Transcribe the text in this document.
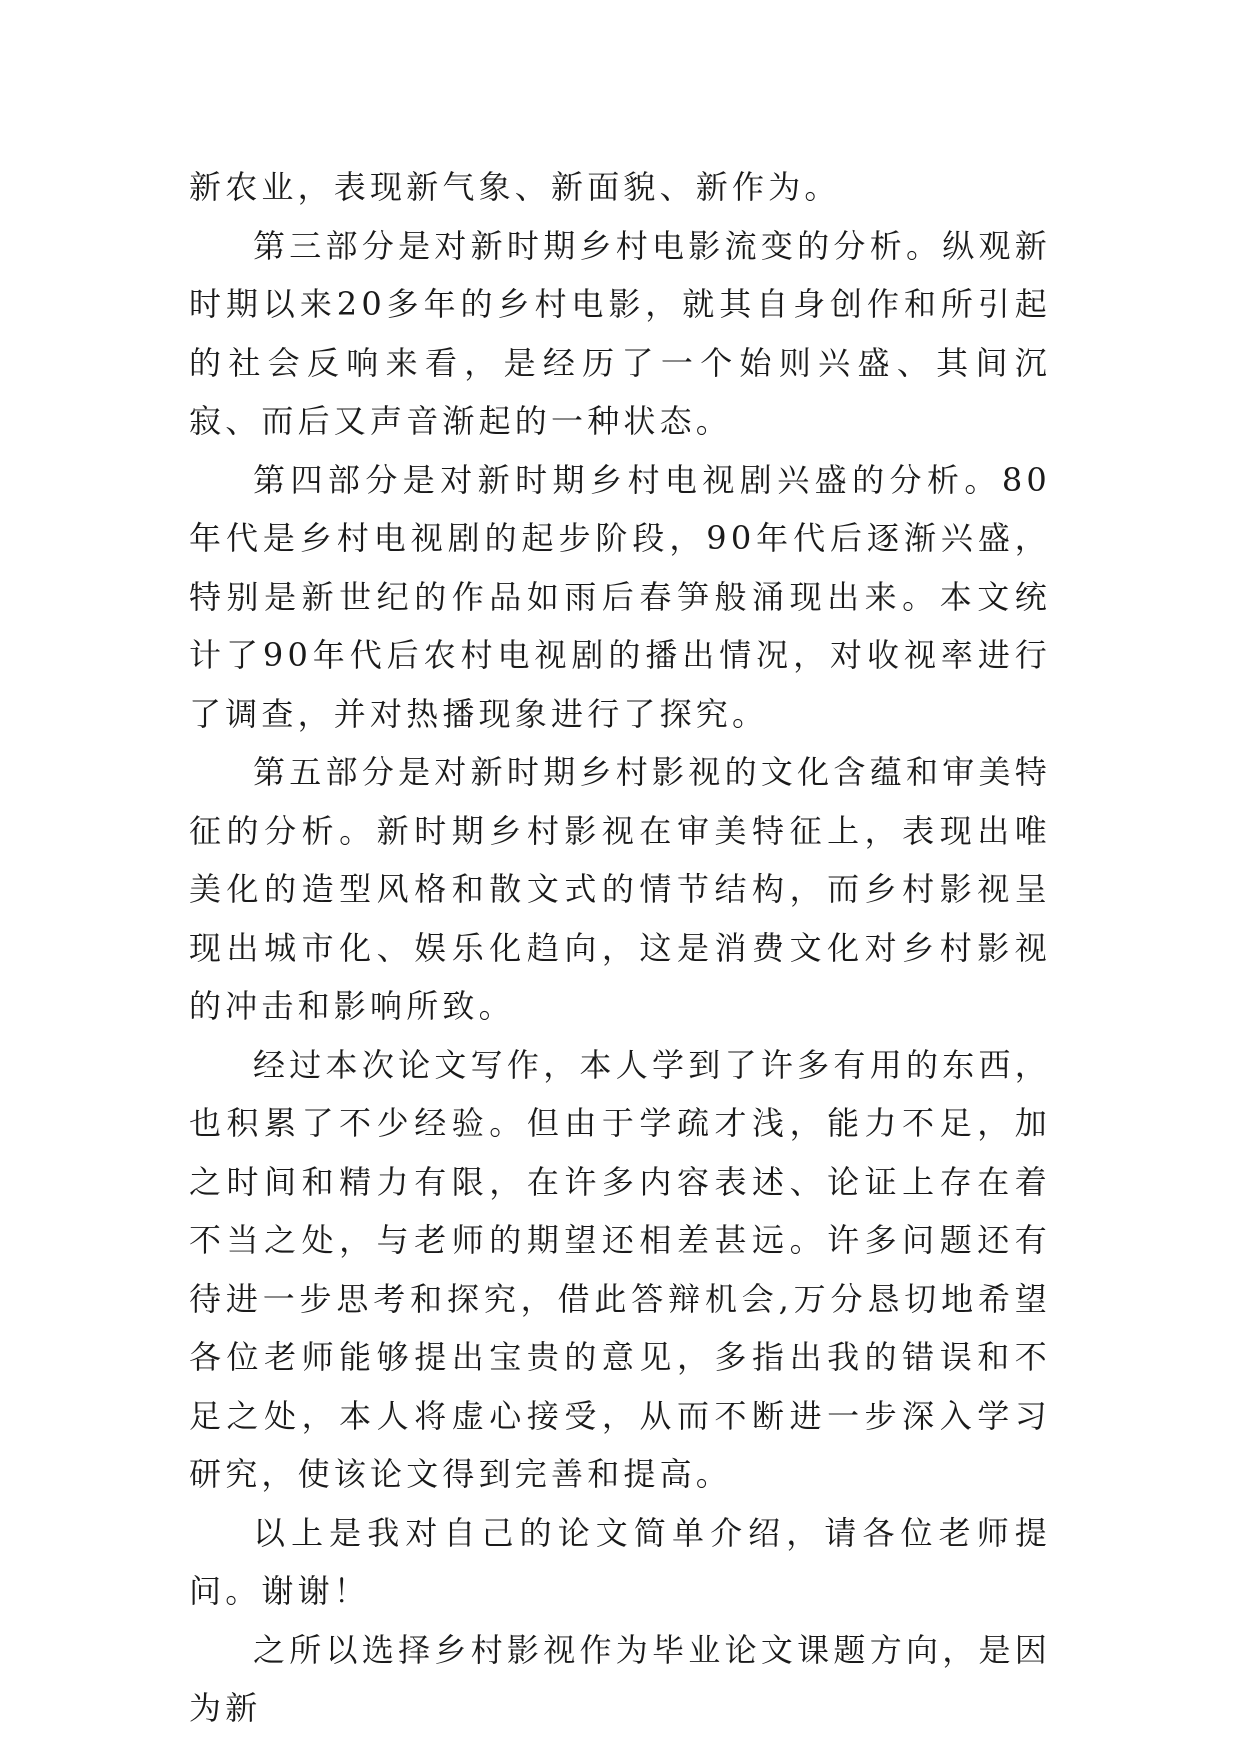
新农业，表现新气象、新面貌、新作为。

第三部分是对新时期乡村电影流变的分析。纵观新时期以来20多年的乡村电影，就其自身创作和所引起的社会反响来看，是经历了一个始则兴盛、其间沉寂、而后又声音渐起的一种状态。

第四部分是对新时期乡村电视剧兴盛的分析。80年代是乡村电视剧的起步阶段，90年代后逐渐兴盛，特别是新世纪的作品如雨后春笋般涌现出来。本文统计了90年代后农村电视剧的播出情况，对收视率进行了调查，并对热播现象进行了探究。

第五部分是对新时期乡村影视的文化含蕴和审美特征的分析。新时期乡村影视在审美特征上，表现出唯美化的造型风格和散文式的情节结构，而乡村影视呈现出城市化、娱乐化趋向，这是消费文化对乡村影视的冲击和影响所致。

经过本次论文写作，本人学到了许多有用的东西，也积累了不少经验。但由于学疏才浅，能力不足，加之时间和精力有限，在许多内容表述、论证上存在着不当之处，与老师的期望还相差甚远。许多问题还有待进一步思考和探究，借此答辩机会,万分恳切地希望各位老师能够提出宝贵的意见，多指出我的错误和不足之处，本人将虚心接受，从而不断进一步深入学习研究，使该论文得到完善和提高。

以上是我对自己的论文简单介绍，请各位老师提问。谢谢！

之所以选择乡村影视作为毕业论文课题方向，是因为新
